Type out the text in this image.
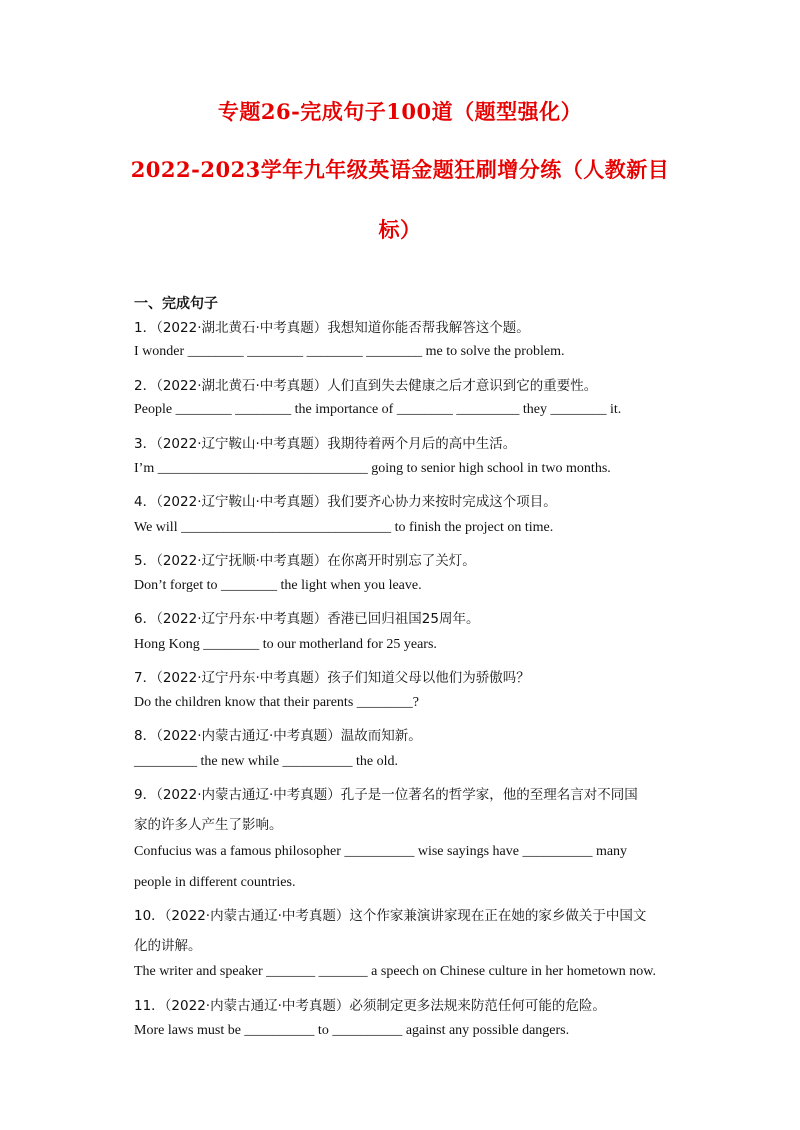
专题26-完成句子100道（题型强化）
2022-2023学年九年级英语金题狂刷增分练（人教新目
标）
一、完成句子
1．（2022·湖北黄石·中考真题）我想知道你能否帮我解答这个题。
I wonder ________ ________ ________ ________ me to solve the problem.
2．（2022·湖北黄石·中考真题）人们直到失去健康之后才意识到它的重要性。
People ________ ________ the importance of ________ _________ they ________ it.
3．（2022·辽宁鞍山·中考真题）我期待着两个月后的高中生活。
I’m ______________________________ going to senior high school in two months.
4．（2022·辽宁鞍山·中考真题）我们要齐心协力来按时完成这个项目。
We will ______________________________ to finish the project on time.
5．（2022·辽宁抚顺·中考真题）在你离开时别忘了关灯。
Don’t forget to ________ the light when you leave.
6．（2022·辽宁丹东·中考真题）香港已回归祖国25周年。
Hong Kong ________ to our motherland for 25 years.
7．（2022·辽宁丹东·中考真题）孩子们知道父母以他们为骄傲吗？
Do the children know that their parents ________?
8．（2022·内蒙古通辽·中考真题）温故而知新。
_________ the new while __________ the old.
9．（2022·内蒙古通辽·中考真题）孔子是一位著名的哲学家，他的至理名言对不同国
家的许多人产生了影响。
Confucius was a famous philosopher __________ wise sayings have __________ many
people in different countries.
10．（2022·内蒙古通辽·中考真题）这个作家兼演讲家现在正在她的家乡做关于中国文
化的讲解。
The writer and speaker _______ _______ a speech on Chinese culture in her hometown now.
11．（2022·内蒙古通辽·中考真题）必须制定更多法规来防范任何可能的危险。
More laws must be __________ to __________ against any possible dangers.
